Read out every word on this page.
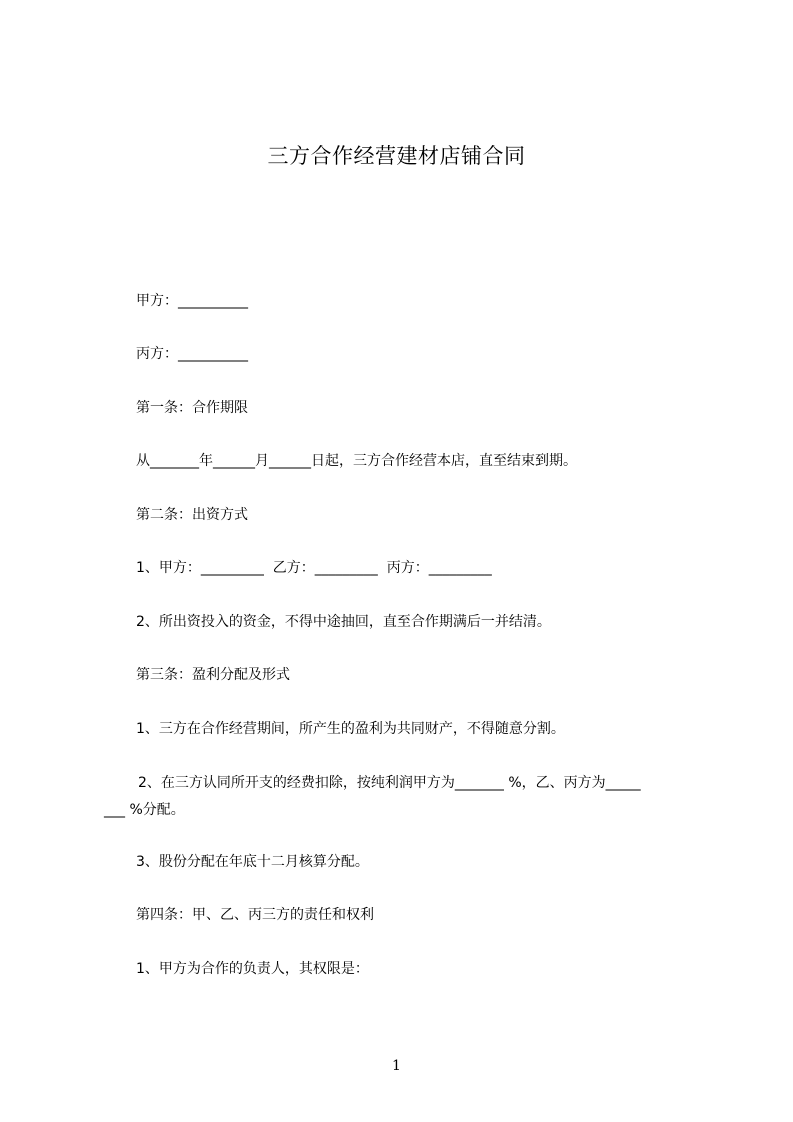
三方合作经营建材店铺合同
甲方：__________
丙方：__________
第一条：合作期限
从_______年______月______日起，三方合作经营本店，直至结束到期。
第二条：出资方式
1、甲方：_________  乙方：_________  丙方：_________
2、所出资投入的资金，不得中途抽回，直至合作期满后一并结清。
第三条：盈利分配及形式
1、三方在合作经营期间，所产生的盈利为共同财产，不得随意分割。
2、在三方认同所开支的经费扣除，按纯利润甲方为_______ %，乙、丙方为_____
___ %分配。
3、股份分配在年底十二月核算分配。
第四条：甲、乙、丙三方的责任和权利
1、甲方为合作的负责人，其权限是：
1
